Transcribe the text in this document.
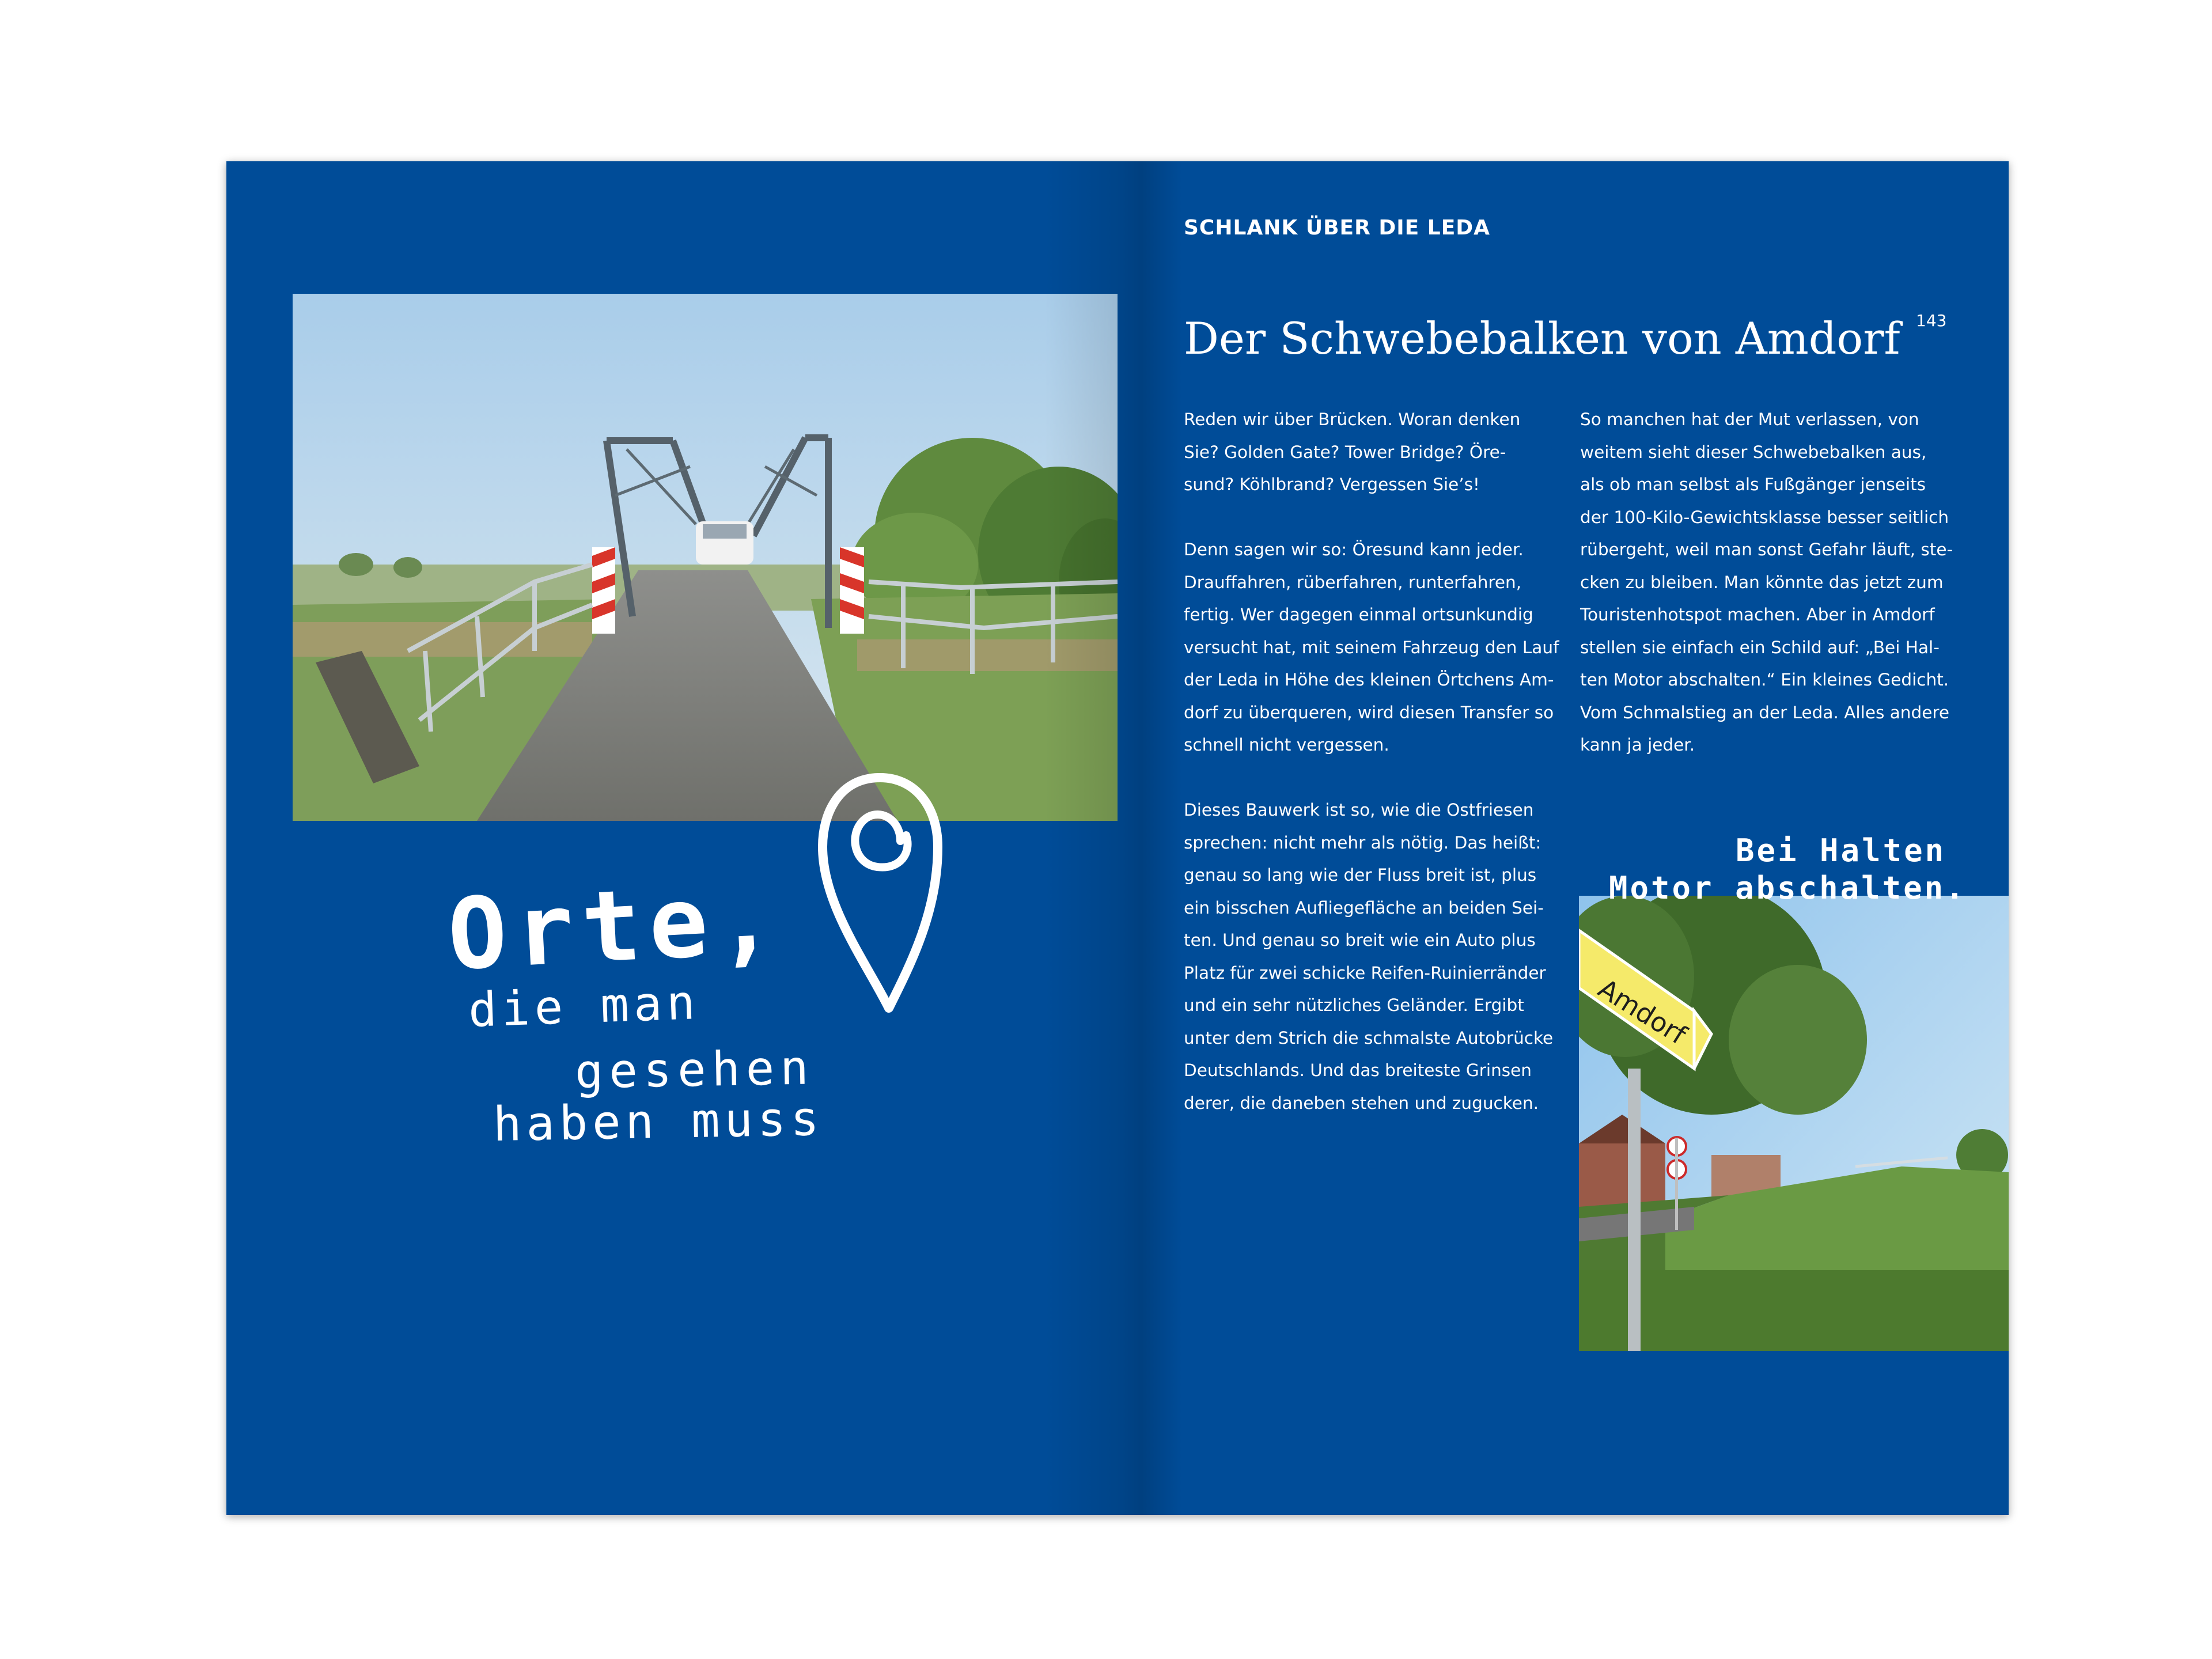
Amdorf
Orte,
die man
gesehen
haben muss
SCHLANK ÜBER DIE LEDA
143
Der Schwebebalken von Amdorf

Reden wir über Brücken. Woran denken
Sie? Golden Gate? Tower Bridge? Öre-
sund? Köhlbrand? Vergessen Sie’s!

Denn sagen wir so: Öresund kann jeder.
Drauffahren, rüberfahren, runterfahren,
fertig. Wer dagegen einmal ortsunkundig
versucht hat, mit seinem Fahrzeug den Lauf
der Leda in Höhe des kleinen Örtchens Am-
dorf zu überqueren, wird diesen Transfer so
schnell nicht vergessen.

Dieses Bauwerk ist so, wie die Ostfriesen
sprechen: nicht mehr als nötig. Das heißt:
genau so lang wie der Fluss breit ist, plus
ein bisschen Aufliegefläche an beiden Sei-
ten. Und genau so breit wie ein Auto plus
Platz für zwei schicke Reifen-Ruinierränder
und ein sehr nützliches Geländer. Ergibt
unter dem Strich die schmalste Autobrücke
Deutschlands. Und das breiteste Grinsen
derer, die daneben stehen und zugucken.

So manchen hat der Mut verlassen, von
weitem sieht dieser Schwebebalken aus,
als ob man selbst als Fußgänger jenseits
der 100-Kilo-Gewichtsklasse besser seitlich
rübergeht, weil man sonst Gefahr läuft, ste-
cken zu bleiben. Man könnte das jetzt zum
Touristenhotspot machen. Aber in Amdorf
stellen sie einfach ein Schild auf: „Bei Hal-
ten Motor abschalten.“ Ein kleines Gedicht.
Vom Schmalstieg an der Leda. Alles andere
kann ja jeder.

Bei Halten
Motor abschalten.
